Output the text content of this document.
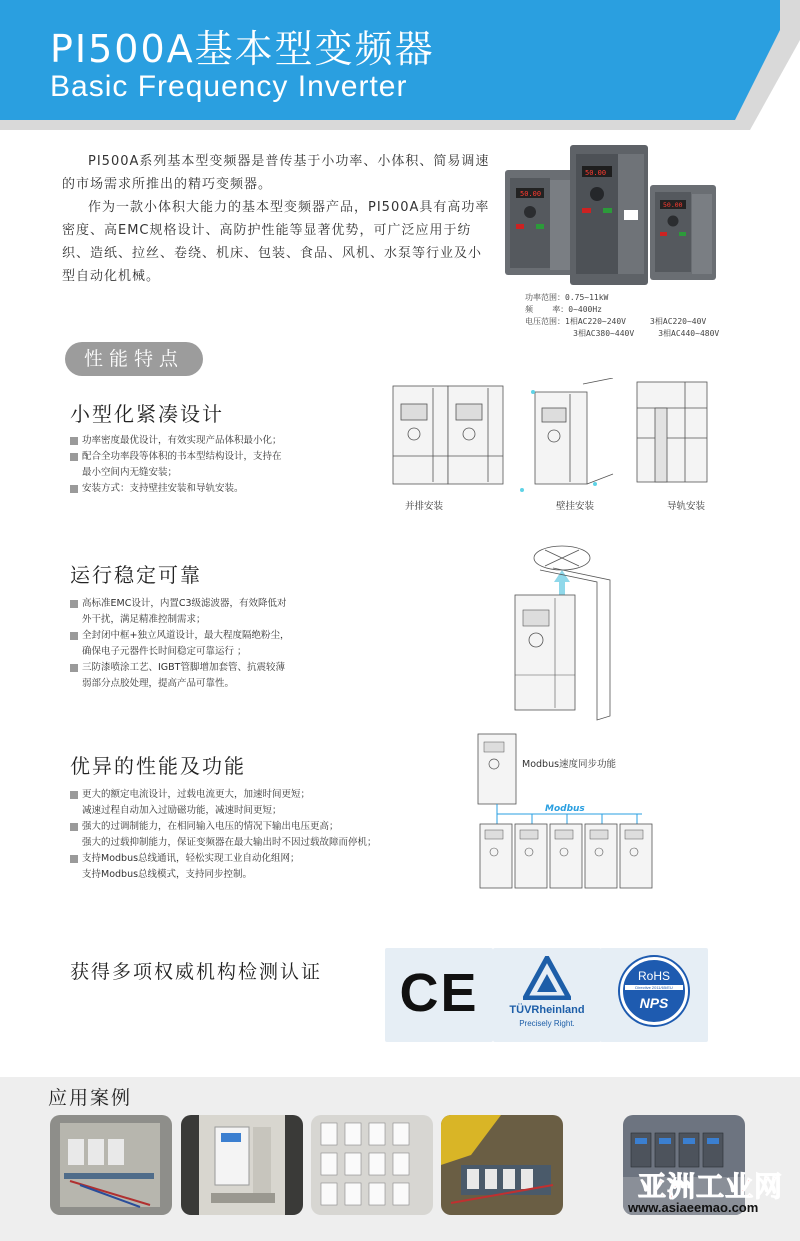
PI500A基本型变频器
Basic Frequency Inverter

PI500A系列基本型变频器是普传基于小功率、小体积、简易调速的市场需求所推出的精巧变频器。

作为一款小体积大能力的基本型变频器产品，PI500A具有高功率密度、高EMC规格设计、高防护性能等显著优势，可广泛应用于纺织、造纸、拉丝、卷绕、机床、包装、食品、风机、水泵等行业及小型自动化机械。

50.00
50.00
50.00
功率范围：0.75~11kW
频    率：0~400Hz
电压范围：1相AC220~240V     3相AC220~40V
3相AC380~440V     3相AC440~480V
性能特点
小型化紧凑设计
功率密度最优设计，有效实现产品体积最小化；
配合全功率段等体积的书本型结构设计，支持在
最小空间内无缝安装；
安装方式：支持壁挂安装和导轨安装。
并排安装	壁挂安装	导轨安装
运行稳定可靠
高标准EMC设计，内置C3级滤波器，有效降低对
外干扰，满足精准控制需求；
全封闭中框+独立风道设计，最大程度隔绝粉尘，
确保电子元器件长时间稳定可靠运行 ；
三防漆喷涂工艺、IGBT管脚增加套管、抗震较薄
弱部分点胶处理，提高产品可靠性。
优异的性能及功能
更大的额定电流设计，过载电流更大，加速时间更短；
减速过程自动加入过励磁功能，减速时间更短；
强大的过调制能力，在相同输入电压的情况下输出电压更高；
强大的过载抑制能力，保证变频器在最大输出时不因过载故障而停机；
支持Modbus总线通讯，轻松实现工业自动化组网；
支持Modbus总线模式，支持同步控制。
Modbus
Modbus速度同步功能
获得多项权威机构检测认证 CE	TÜVRheinland
Precisely Right.
RoHS
Directive 2011/65/EU
NPS
应用案例
亚洲工业网
www.asiaeemao.com
